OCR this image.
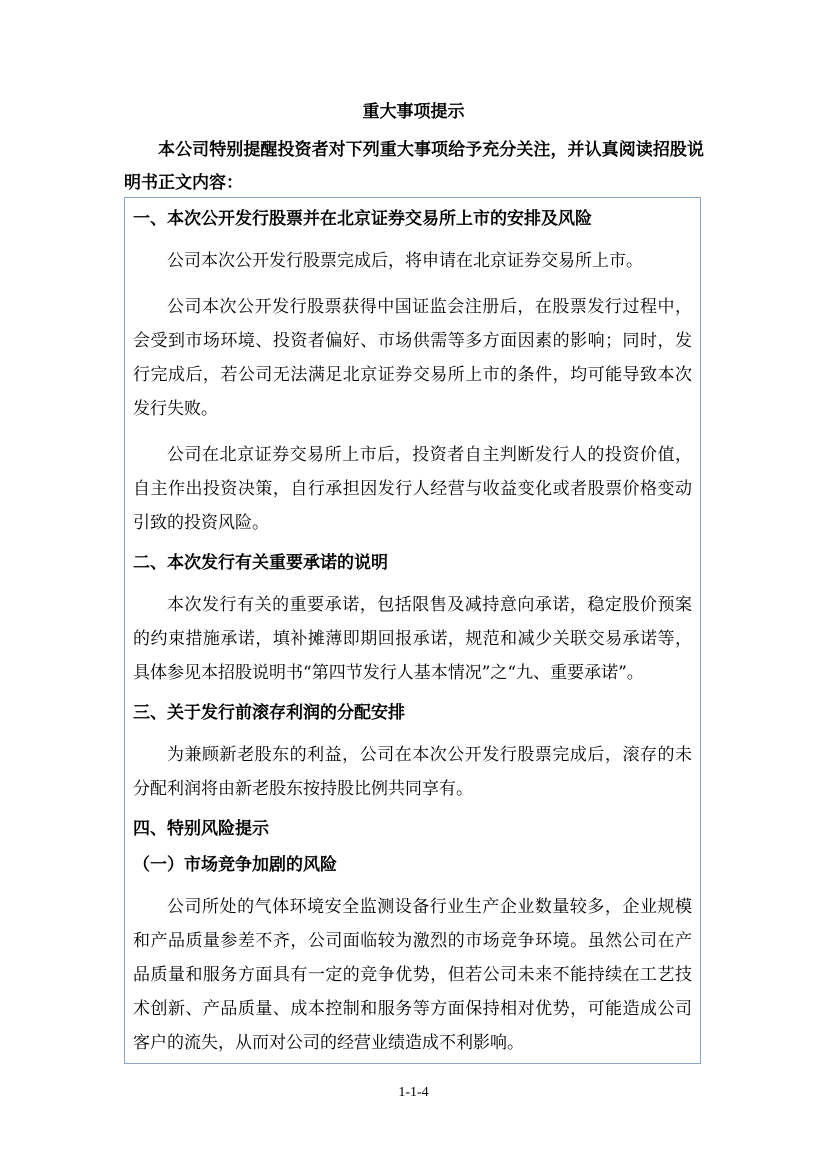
重大事项提示

本公司特别提醒投资者对下列重大事项给予充分关注，并认真阅读招股说明书正文内容：

一、本次公开发行股票并在北京证券交易所上市的安排及风险

公司本次公开发行股票完成后，将申请在北京证券交易所上市。

公司本次公开发行股票获得中国证监会注册后，在股票发行过程中，会受到市场环境、投资者偏好、市场供需等多方面因素的影响；同时，发行完成后，若公司无法满足北京证券交易所上市的条件，均可能导致本次发行失败。

公司在北京证券交易所上市后，投资者自主判断发行人的投资价值，自主作出投资决策，自行承担因发行人经营与收益变化或者股票价格变动引致的投资风险。

二、本次发行有关重要承诺的说明

本次发行有关的重要承诺，包括限售及减持意向承诺，稳定股价预案的约束措施承诺，填补摊薄即期回报承诺，规范和减少关联交易承诺等，具体参见本招股说明书“第四节发行人基本情况”之“九、重要承诺”。

三、关于发行前滚存利润的分配安排

为兼顾新老股东的利益，公司在本次公开发行股票完成后，滚存的未分配利润将由新老股东按持股比例共同享有。

四、特别风险提示
（一）市场竞争加剧的风险

公司所处的气体环境安全监测设备行业生产企业数量较多，企业规模和产品质量参差不齐，公司面临较为激烈的市场竞争环境。虽然公司在产品质量和服务方面具有一定的竞争优势，但若公司未来不能持续在工艺技术创新、产品质量、成本控制和服务等方面保持相对优势，可能造成公司客户的流失，从而对公司的经营业绩造成不利影响。

1-1-4
